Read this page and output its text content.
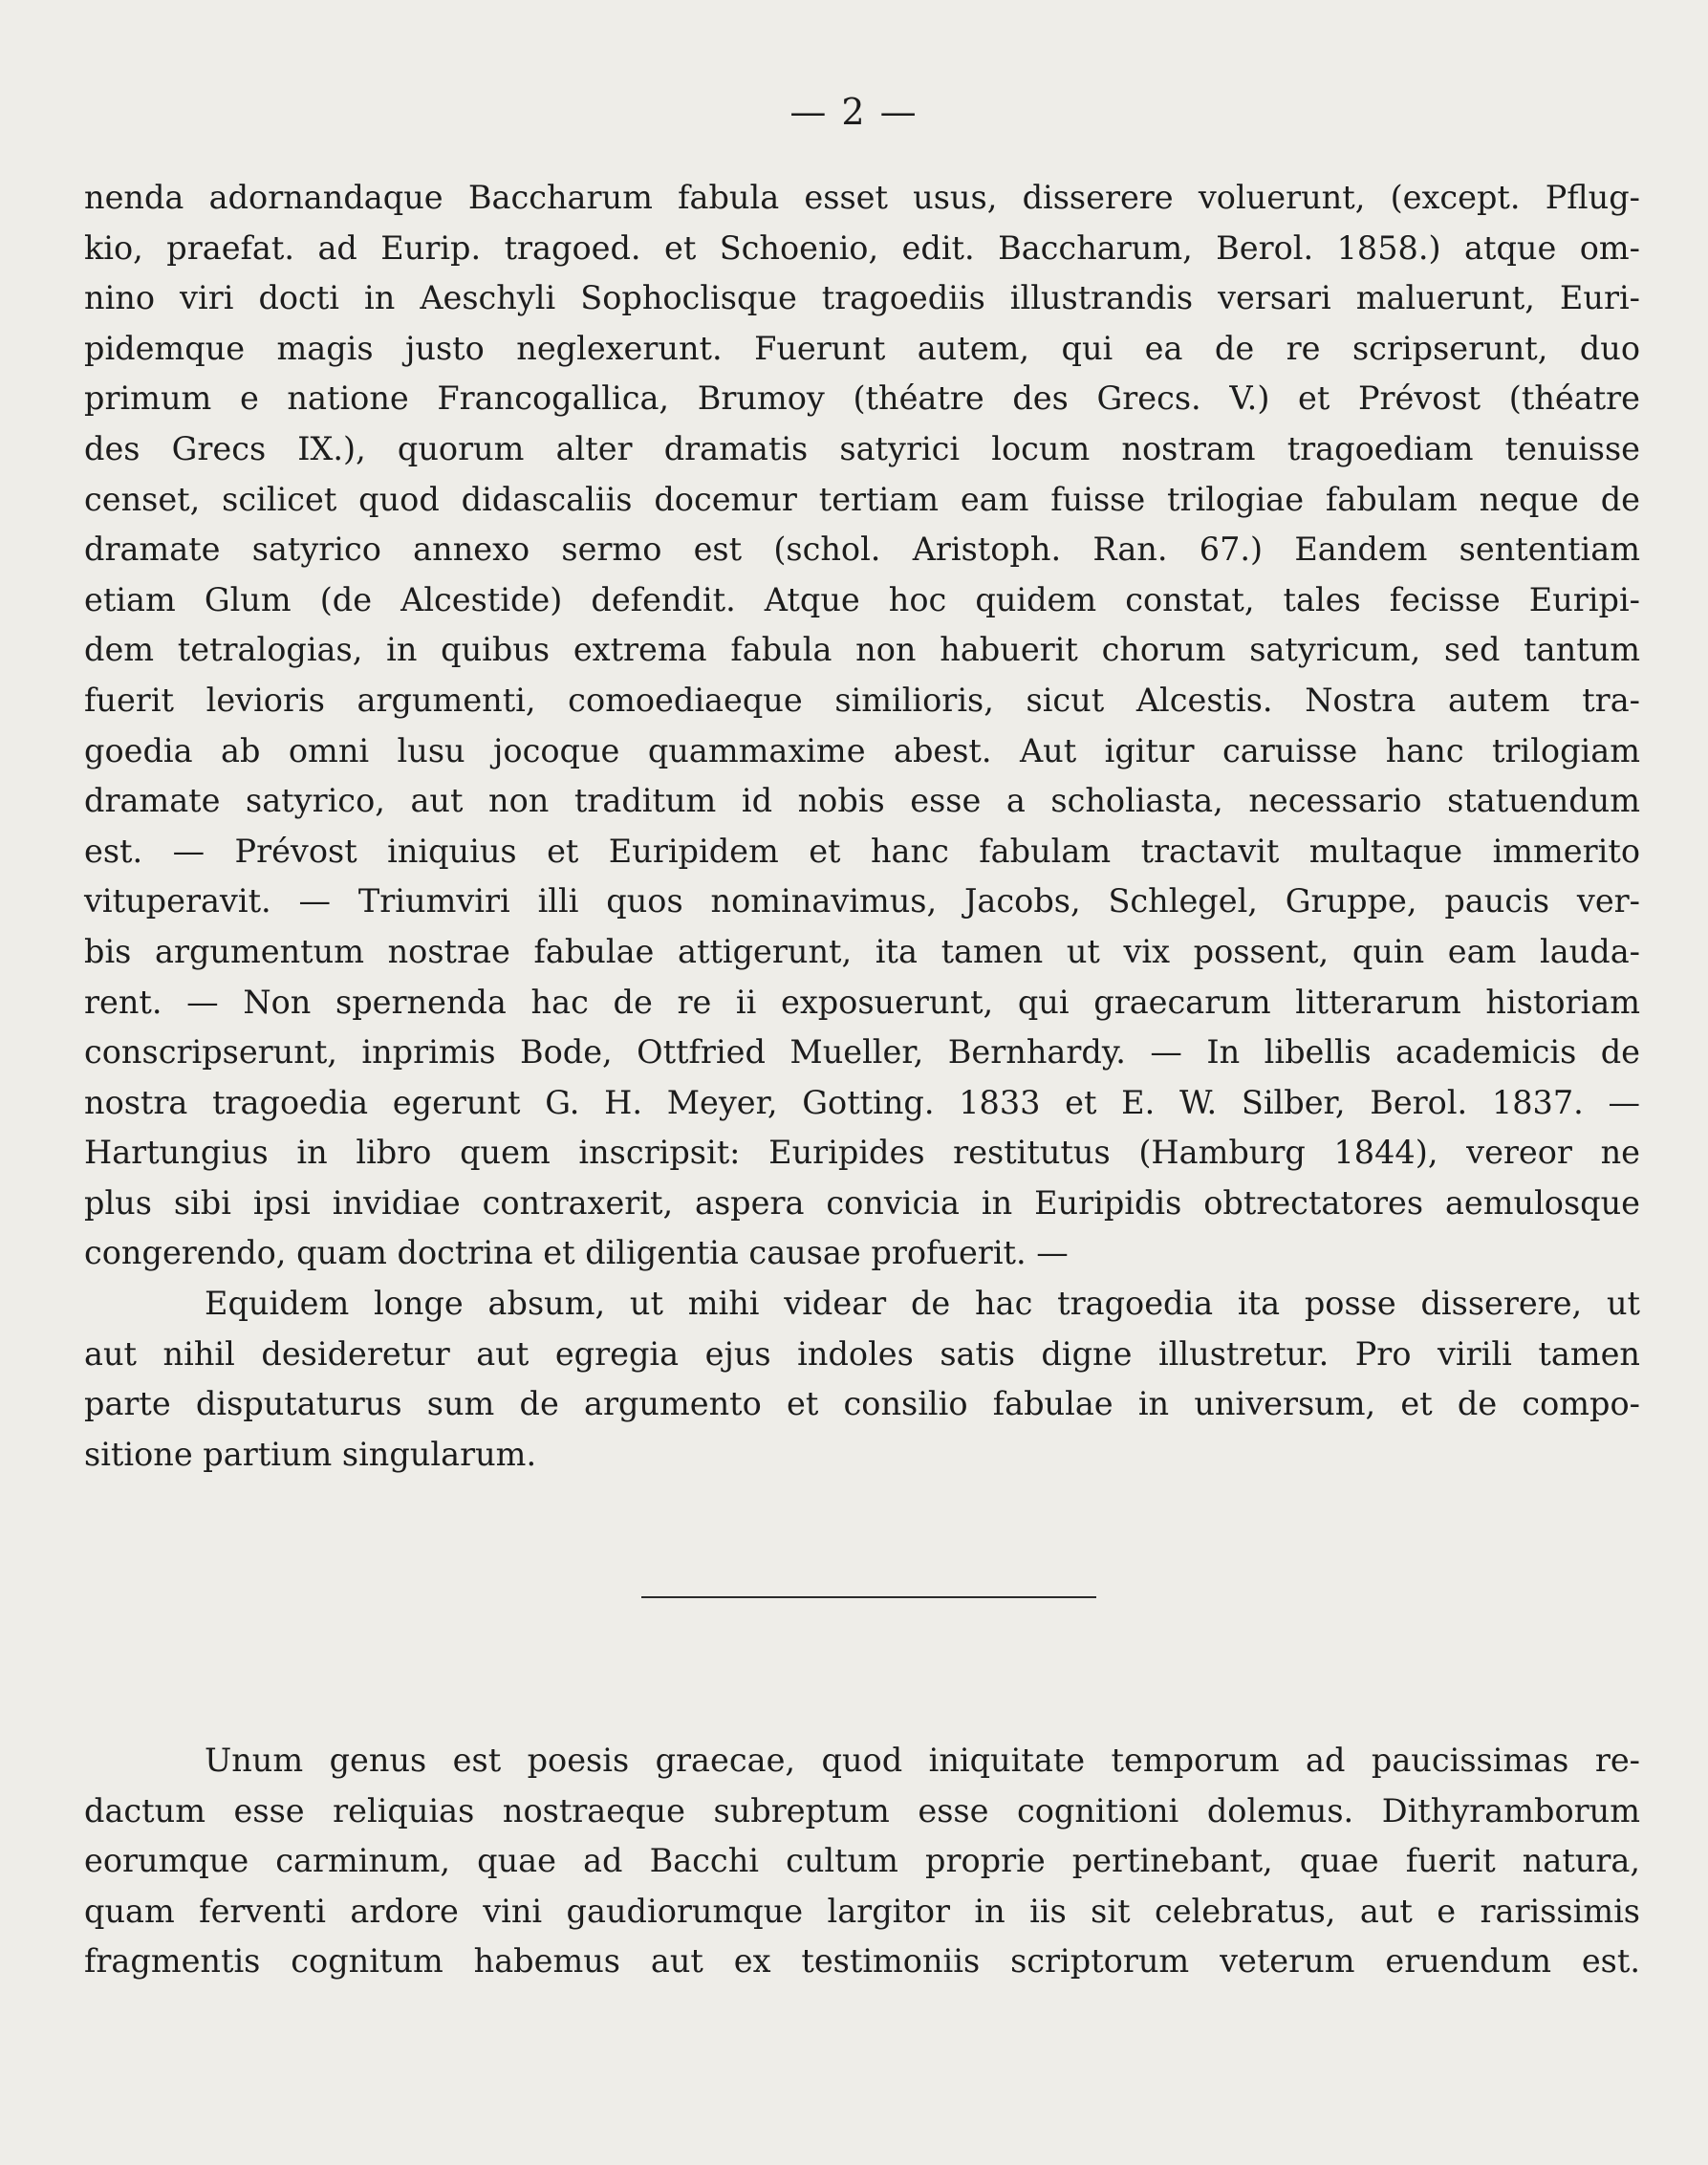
— 2 —
nenda adornandaque Baccharum fabula esset usus, disserere voluerunt, (except. Pflug-
kio, praefat. ad Eurip. tragoed. et Schoenio, edit. Baccharum, Berol. 1858.) atque om-
nino viri docti in Aeschyli Sophoclisque tragoediis illustrandis versari maluerunt, Euri-
pidemque magis justo neglexerunt. Fuerunt autem, qui ea de re scripserunt, duo
primum e natione Francogallica, Brumoy (théatre des Grecs. V.) et Prévost (théatre
des Grecs IX.), quorum alter dramatis satyrici locum nostram tragoediam tenuisse
censet, scilicet quod didascaliis docemur tertiam eam fuisse trilogiae fabulam neque de
dramate satyrico annexo sermo est (schol. Aristoph. Ran. 67.) Eandem sententiam
etiam Glum (de Alcestide) defendit. Atque hoc quidem constat, tales fecisse Euripi-
dem tetralogias, in quibus extrema fabula non habuerit chorum satyricum, sed tantum
fuerit levioris argumenti, comoediaeque similioris, sicut Alcestis. Nostra autem tra-
goedia ab omni lusu jocoque quammaxime abest. Aut igitur caruisse hanc trilogiam
dramate satyrico, aut non traditum id nobis esse a scholiasta, necessario statuendum
est. — Prévost iniquius et Euripidem et hanc fabulam tractavit multaque immerito
vituperavit. — Triumviri illi quos nominavimus, Jacobs, Schlegel, Gruppe, paucis ver-
bis argumentum nostrae fabulae attigerunt, ita tamen ut vix possent, quin eam lauda-
rent. — Non spernenda hac de re ii exposuerunt, qui graecarum litterarum historiam
conscripserunt, inprimis Bode, Ottfried Mueller, Bernhardy. — In libellis academicis de
nostra tragoedia egerunt G. H. Meyer, Gotting. 1833 et E. W. Silber, Berol. 1837. —
Hartungius in libro quem inscripsit: Euripides restitutus (Hamburg 1844), vereor ne
plus sibi ipsi invidiae contraxerit, aspera convicia in Euripidis obtrectatores aemulosque
congerendo, quam doctrina et diligentia causae profuerit. —
Equidem longe absum, ut mihi videar de hac tragoedia ita posse disserere, ut
aut nihil desideretur aut egregia ejus indoles satis digne illustretur. Pro virili tamen
parte disputaturus sum de argumento et consilio fabulae in universum, et de compo-
sitione partium singularum.
Unum genus est poesis graecae, quod iniquitate temporum ad paucissimas re-
dactum esse reliquias nostraeque subreptum esse cognitioni dolemus. Dithyramborum
eorumque carminum, quae ad Bacchi cultum proprie pertinebant, quae fuerit natura,
quam ferventi ardore vini gaudiorumque largitor in iis sit celebratus, aut e rarissimis
fragmentis cognitum habemus aut ex testimoniis scriptorum veterum eruendum est.
